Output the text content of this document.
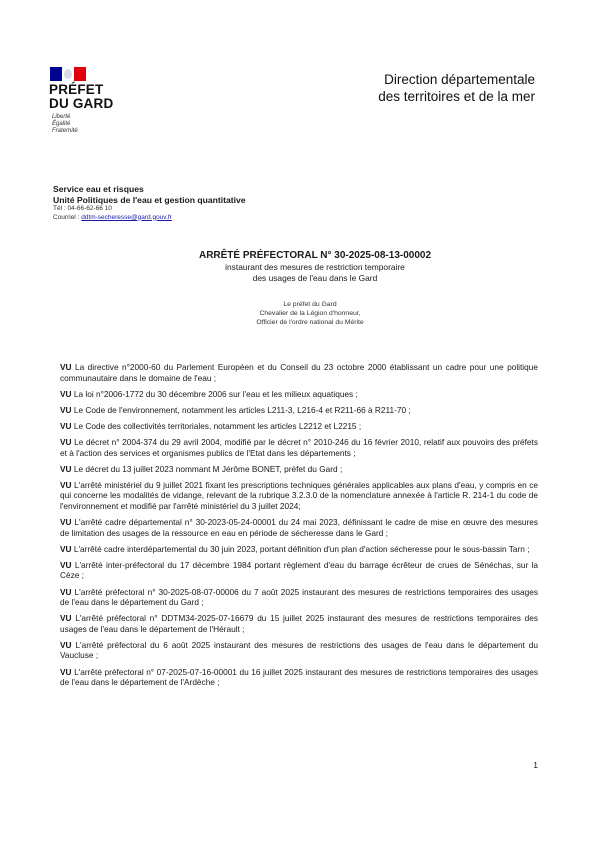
PRÉFET
DU GARD
Liberté
Égalité
Fraternité
Direction départementale
des territoires et de la mer
Service eau et risques
Unité Politiques de l'eau et gestion quantitative
Tél : 04-66-62-66 10
Courriel : ddtm-secheresse@gard.gouv.fr
ARRÊTÉ PRÉFECTORAL N° 30-2025-08-13-00002
instaurant des mesures de restriction temporaire
des usages de l'eau dans le Gard
Le préfet du Gard
Chevalier de la Légion d'honneur,
Officier de l'ordre national du Mérite
VU La directive n°2000-60 du Parlement Européen et du Conseil du 23 octobre 2000 établissant un cadre pour une politique communautaire dans le domaine de l'eau ;
VU La loi n°2006-1772 du 30 décembre 2006 sur l'eau et les milieux aquatiques ;
VU Le Code de l'environnement, notamment les articles L211-3, L216-4 et R211-66 à R211-70 ;
VU Le Code des collectivités territoriales, notamment les articles L2212 et L2215 ;
VU Le décret n° 2004-374 du 29 avril 2004, modifié par le décret n° 2010-246 du 16 février 2010, relatif aux pouvoirs des préfets et à l'action des services et organismes publics de l'Etat dans les départements ;
VU Le décret du 13 juillet 2023 nommant M Jérôme BONET, préfet du Gard ;
VU L'arrêté ministériel du 9 juillet 2021 fixant les prescriptions techniques générales applicables aux plans d'eau, y compris en ce qui concerne les modalités de vidange, relevant de la rubrique 3.2.3.0 de la nomenclature annexée à l'article R. 214-1 du code de l'environnement et modifié par l'arrêté ministériel du 3 juillet 2024;
VU L'arrêté cadre départemental n° 30-2023-05-24-00001 du 24 mai 2023, définissant le cadre de mise en œuvre des mesures de limitation des usages de la ressource en eau en période de sécheresse dans le Gard ;
VU L'arrêté cadre interdépartemental du 30 juin 2023, portant définition d'un plan d'action sécheresse pour le sous-bassin Tarn ;
VU L'arrêté inter-préfectoral du 17 décembre 1984 portant règlement d'eau du barrage écrêteur de crues de Sénéchas, sur la Cèze ;
VU L'arrêté préfectoral n° 30-2025-08-07-00006 du 7 août 2025 instaurant des mesures de restrictions temporaires des usages de l'eau dans le département du Gard ;
VU L'arrêté préfectoral n° DDTM34-2025-07-16679 du 15 juillet 2025 instaurant des mesures de restrictions temporaires des usages de l'eau dans le département de l'Hérault ;
VU L'arrêté préfectoral du 6 août 2025 instaurant des mesures de restrictions des usages de l'eau dans le département du Vaucluse ;
VU L'arrêté préfectoral n° 07-2025-07-16-00001 du 16 juillet 2025 instaurant des mesures de restrictions temporaires des usages de l'eau dans le département de l'Ardèche ;
1
